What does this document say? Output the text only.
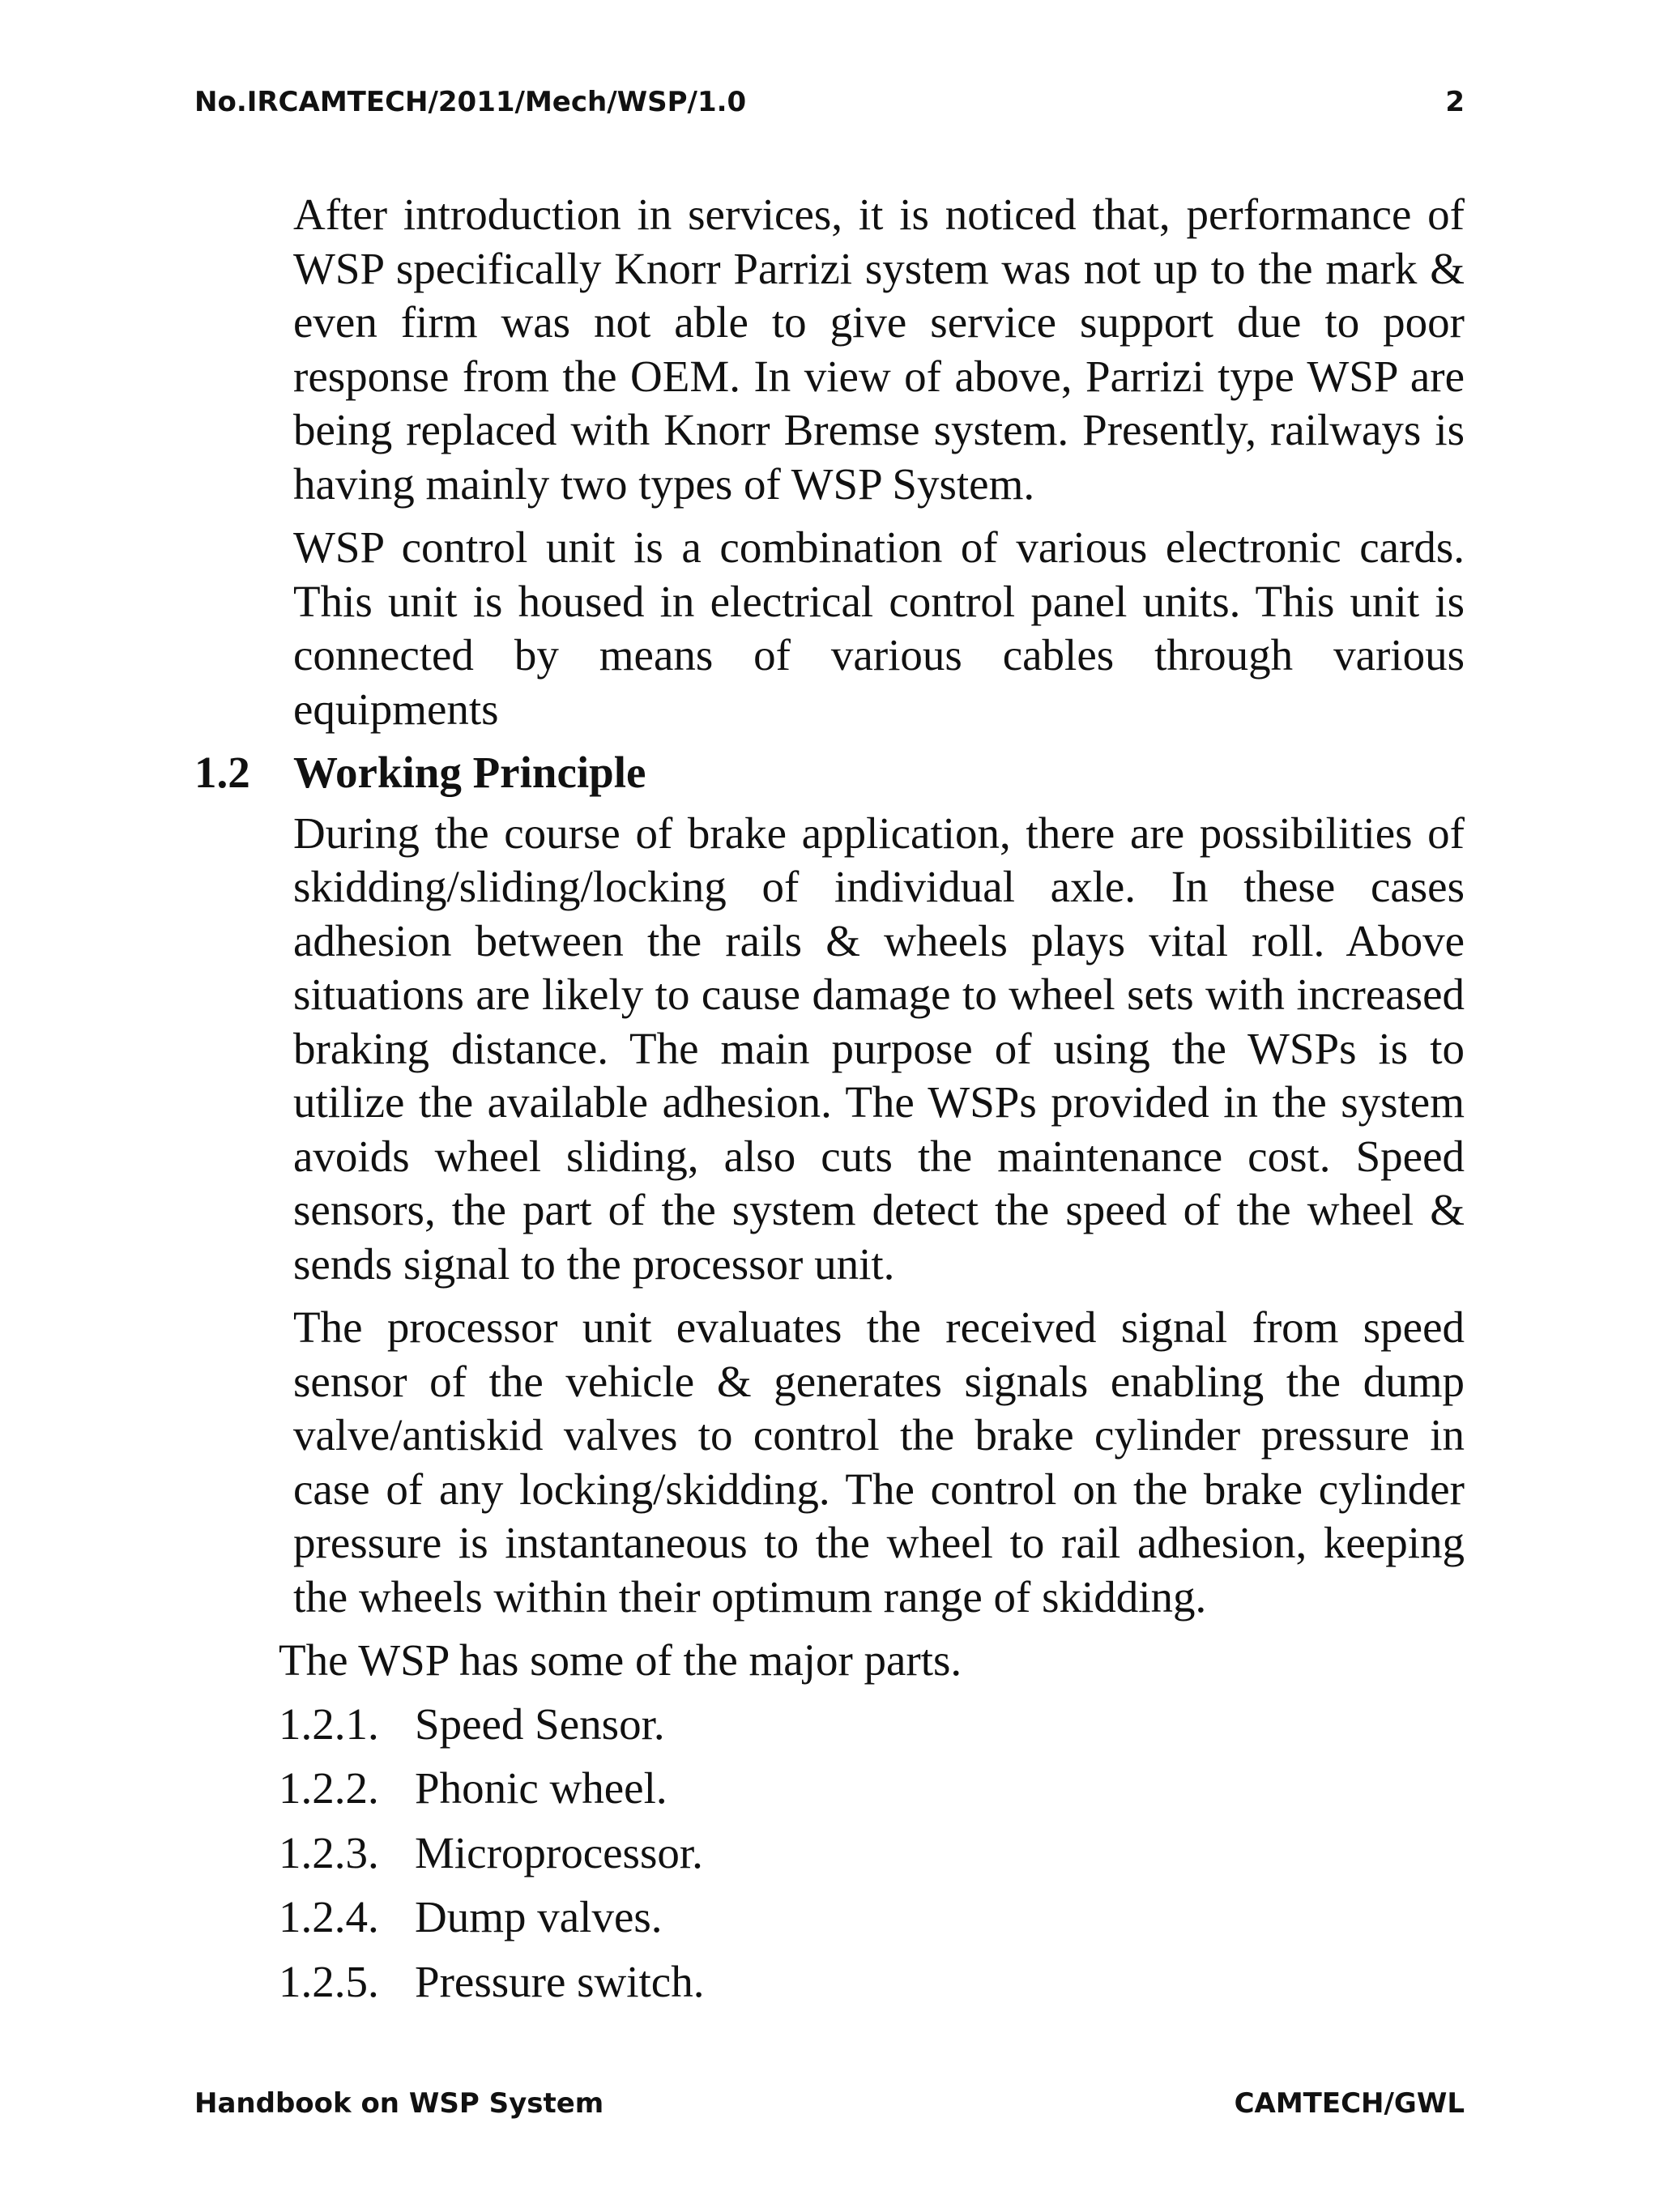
No.IRCAMTECH/2011/Mech/WSP/1.0	2

After introduction in services, it is noticed that, performance of WSP specifically Knorr Parrizi system was not up to the mark & even firm was not able to give service support due to poor response from the OEM. In view of above, Parrizi type WSP are being replaced with Knorr Bremse system. Presently, railways is having mainly two types of WSP System.

WSP control unit is a combination of various electronic cards. This unit is housed in electrical control panel units. This unit is connected by means of various cables through various equipments

1.2 Working Principle

During the course of brake application, there are possibilities of skidding/sliding/locking of individual axle. In these cases adhesion between the rails & wheels plays vital roll. Above situations are likely to cause damage to wheel sets with increased braking distance. The main purpose of using the WSPs is to utilize the available adhesion. The WSPs provided in the system avoids wheel sliding, also cuts the maintenance cost. Speed sensors, the part of the system detect the speed of the wheel & sends signal to the processor unit.

The processor unit evaluates the received signal from speed sensor of the vehicle & generates signals enabling the dump valve/antiskid valves to control the brake cylinder pressure in case of any locking/skidding. The control on the brake cylinder pressure is instantaneous to the wheel to rail adhesion, keeping the wheels within their optimum range of skidding.

The WSP has some of the major parts.
1.2.1. Speed Sensor.
1.2.2. Phonic wheel.
1.2.3. Microprocessor.
1.2.4. Dump valves.
1.2.5. Pressure switch.
Handbook on WSP System	CAMTECH/GWL
